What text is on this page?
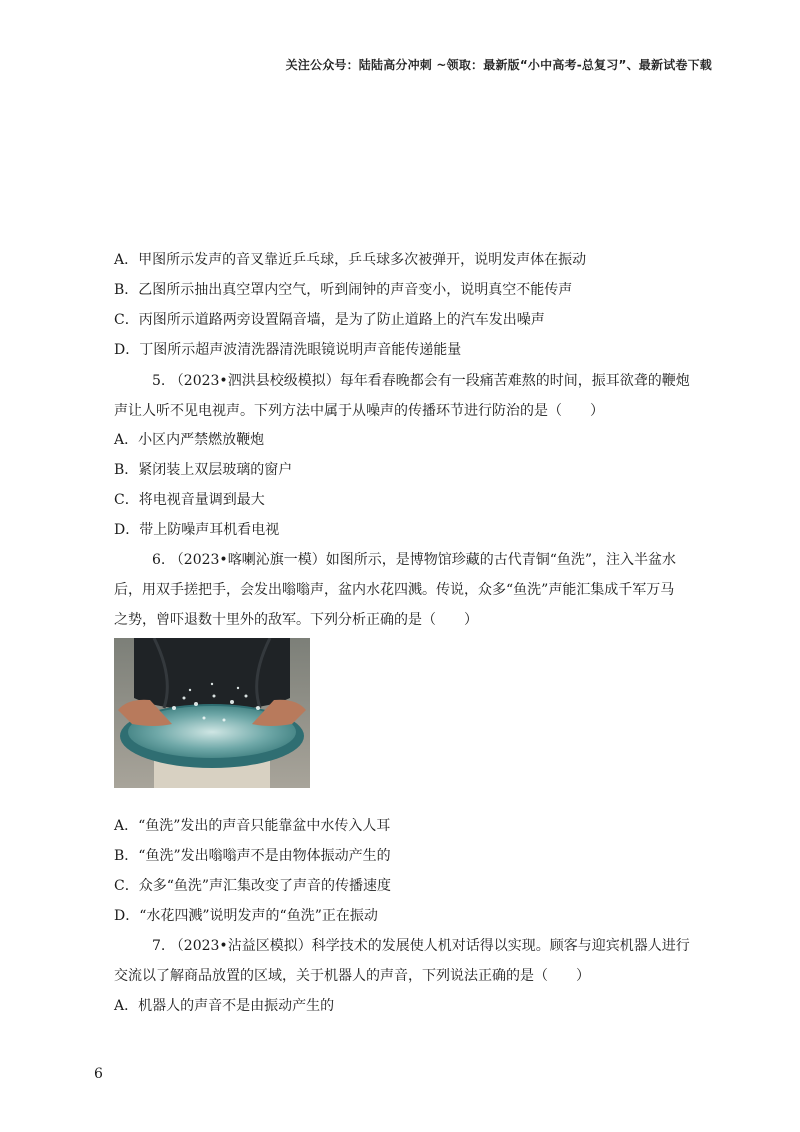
关注公众号：陆陆高分冲刺 ~领取：最新版“小中高考-总复习”、最新试卷下载
A．甲图所示发声的音叉靠近乒乓球，乒乓球多次被弹开，说明发声体在振动
B．乙图所示抽出真空罩内空气，听到闹钟的声音变小，说明真空不能传声
C．丙图所示道路两旁设置隔音墙，是为了防止道路上的汽车发出噪声
D．丁图所示超声波清洗器清洗眼镜说明声音能传递能量
5. （2023•泗洪县校级模拟）每年看春晚都会有一段痛苦难熬的时间，振耳欲聋的鞭炮
声让人听不见电视声。下列方法中属于从噪声的传播环节进行防治的是（　　）
A．小区内严禁燃放鞭炮
B．紧闭装上双层玻璃的窗户
C．将电视音量调到最大
D．带上防噪声耳机看电视
6. （2023•喀喇沁旗一模）如图所示，是博物馆珍藏的古代青铜“鱼洗”，注入半盆水
后，用双手搓把手，会发出嗡嗡声，盆内水花四溅。传说，众多“鱼洗”声能汇集成千军万马
之势，曾吓退数十里外的敌军。下列分析正确的是（　　）
A．“鱼洗”发出的声音只能靠盆中水传入人耳
B．“鱼洗”发出嗡嗡声不是由物体振动产生的
C．众多“鱼洗”声汇集改变了声音的传播速度
D．“水花四溅”说明发声的“鱼洗”正在振动
7. （2023•沾益区模拟）科学技术的发展使人机对话得以实现。顾客与迎宾机器人进行
交流以了解商品放置的区域，关于机器人的声音，下列说法正确的是（　　）
A．机器人的声音不是由振动产生的
6
